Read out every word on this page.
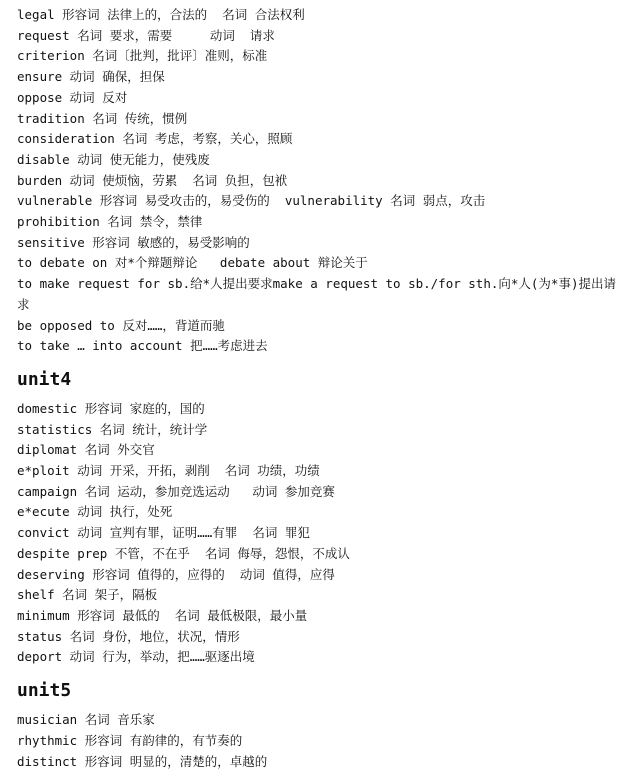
legal 形容词 法律上的，合法的  名词 合法权利
request 名词 要求，需要     动词  请求
criterion 名词〔批判，批评〕准则，标准
ensure 动词 确保，担保
oppose 动词 反对
tradition 名词 传统，惯例
consideration 名词 考虑，考察，关心，照顾
disable 动词 使无能力，使残废
burden 动词 使烦恼，劳累  名词 负担，包袱
vulnerable 形容词 易受攻击的，易受伤的  vulnerability 名词 弱点，攻击
prohibition 名词 禁令，禁律
sensitive 形容词 敏感的，易受影响的
to debate on 对*个辩题辩论   debate about 辩论关于
to make request for sb.给*人提出要求make a request to sb./for sth.向*人(为*事)提出请求
be opposed to 反对……，背道而驰
to take … into account 把……考虑进去
unit4
domestic 形容词 家庭的，国的
statistics 名词 统计，统计学
diplomat 名词 外交官
e*ploit 动词 开采，开拓，剥削  名词 功绩，功绩
campaign 名词 运动，参加竞选运动   动词 参加竞赛
e*ecute 动词 执行，处死
convict 动词 宣判有罪，证明……有罪  名词 罪犯
despite prep 不管，不在乎  名词 侮辱，怨恨，不成认
deserving 形容词 值得的，应得的  动词 值得，应得
shelf 名词 架子，隔板
minimum 形容词 最低的  名词 最低极限，最小量
status 名词 身份，地位，状况，情形
deport 动词 行为，举动，把……驱逐出境
unit5
musician 名词 音乐家
rhythmic 形容词 有韵律的，有节奏的
distinct 形容词 明显的，清楚的，卓越的
